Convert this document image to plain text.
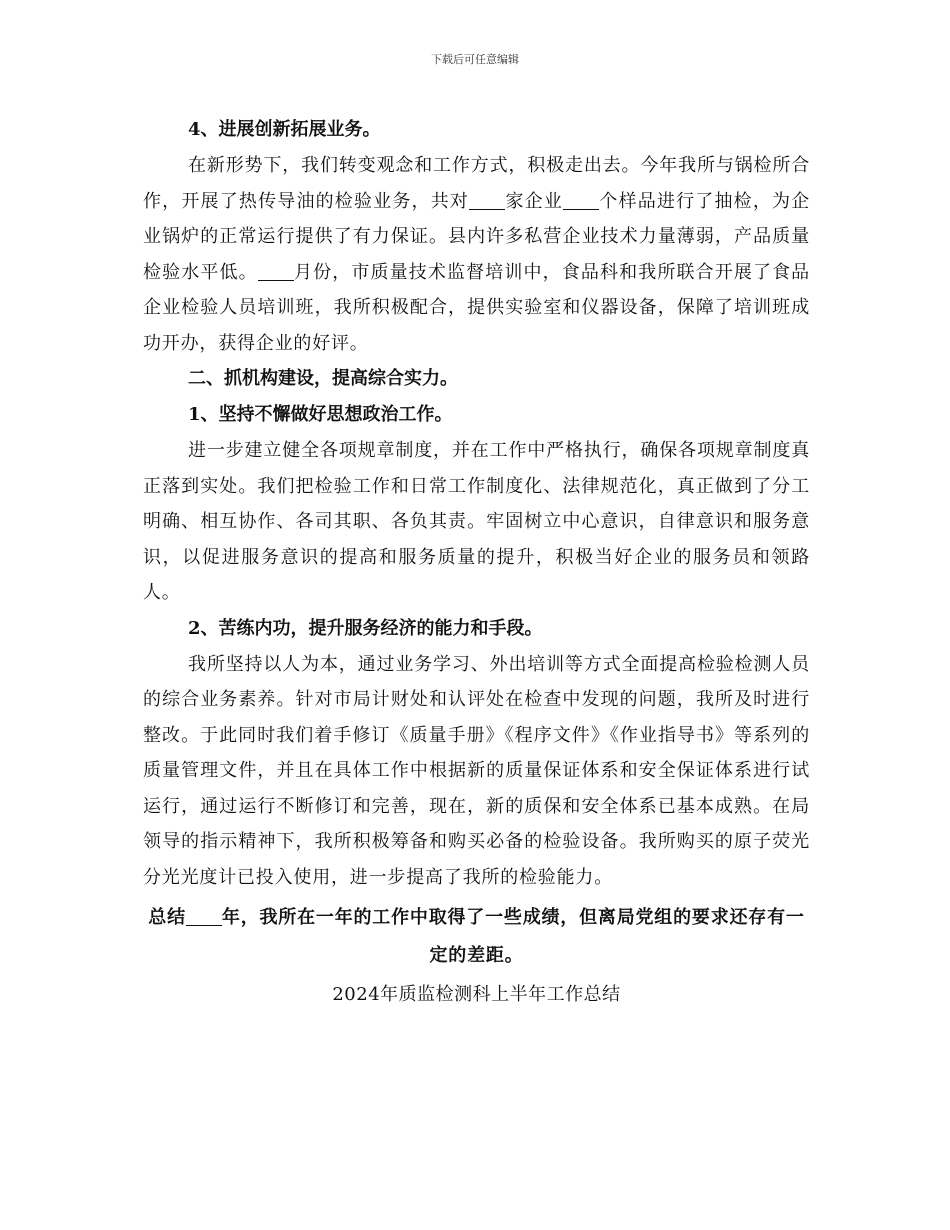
下载后可任意编辑
4、进展创新拓展业务。

在新形势下，我们转变观念和工作方式，积极走出去。今年我所与锅检所合作，开展了热传导油的检验业务，共对 家企业 个样品进行了抽检，为企业锅炉的正常运行提供了有力保证。县内许多私营企业技术力量薄弱，产品质量检验水平低。 月份，市质量技术监督培训中，食品科和我所联合开展了食品企业检验人员培训班，我所积极配合，提供实验室和仪器设备，保障了培训班成功开办，获得企业的好评。

二、抓机构建设，提高综合实力。
1、坚持不懈做好思想政治工作。

进一步建立健全各项规章制度，并在工作中严格执行，确保各项规章制度真正落到实处。我们把检验工作和日常工作制度化、法律规范化，真正做到了分工明确、相互协作、各司其职、各负其责。牢固树立中心意识，自律意识和服务意识，以促进服务意识的提高和服务质量的提升，积极当好企业的服务员和领路人。

2、苦练内功，提升服务经济的能力和手段。

我所坚持以人为本，通过业务学习、外出培训等方式全面提高检验检测人员的综合业务素养。针对市局计财处和认评处在检查中发现的问题，我所及时进行整改。于此同时我们着手修订《质量手册》《程序文件》《作业指导书》等系列的质量管理文件，并且在具体工作中根据新的质量保证体系和安全保证体系进行试运行，通过运行不断修订和完善，现在，新的质保和安全体系已基本成熟。在局领导的指示精神下，我所积极筹备和购买必备的检验设备。我所购买的原子荧光分光光度计已投入使用，进一步提高了我所的检验能力。

总结 年，我所在一年的工作中取得了一些成绩，但离局党组的要求还存有一定的差距。
2024年质监检测科上半年工作总结
